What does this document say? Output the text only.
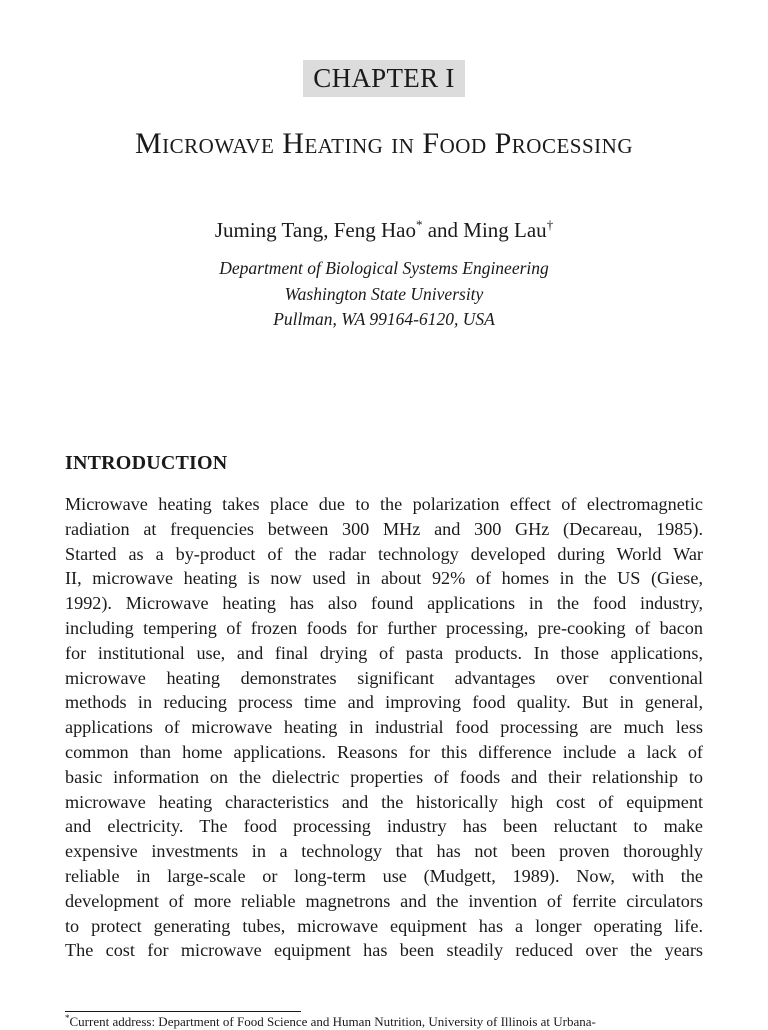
CHAPTER I
Microwave Heating in Food Processing
Juming Tang, Feng Hao* and Ming Lau†
Department of Biological Systems Engineering
Washington State University
Pullman, WA 99164-6120, USA
INTRODUCTION
Microwave heating takes place due to the polarization effect of electromagnetic
radiation at frequencies between 300 MHz and 300 GHz (Decareau, 1985).
Started as a by-product of the radar technology developed during World War
II, microwave heating is now used in about 92% of homes in the US (Giese,
1992). Microwave heating has also found applications in the food industry,
including tempering of frozen foods for further processing, pre-cooking of bacon
for institutional use, and final drying of pasta products. In those applications,
microwave heating demonstrates significant advantages over conventional
methods in reducing process time and improving food quality. But in general,
applications of microwave heating in industrial food processing are much less
common than home applications. Reasons for this difference include a lack of
basic information on the dielectric properties of foods and their relationship to
microwave heating characteristics and the historically high cost of equipment
and electricity. The food processing industry has been reluctant to make
expensive investments in a technology that has not been proven thoroughly
reliable in large-scale or long-term use (Mudgett, 1989). Now, with the
development of more reliable magnetrons and the invention of ferrite circulators
to protect generating tubes, microwave equipment has a longer operating life.
The cost for microwave equipment has been steadily reduced over the years
*Current address: Department of Food Science and Human Nutrition, University of Illinois at Urbana-
